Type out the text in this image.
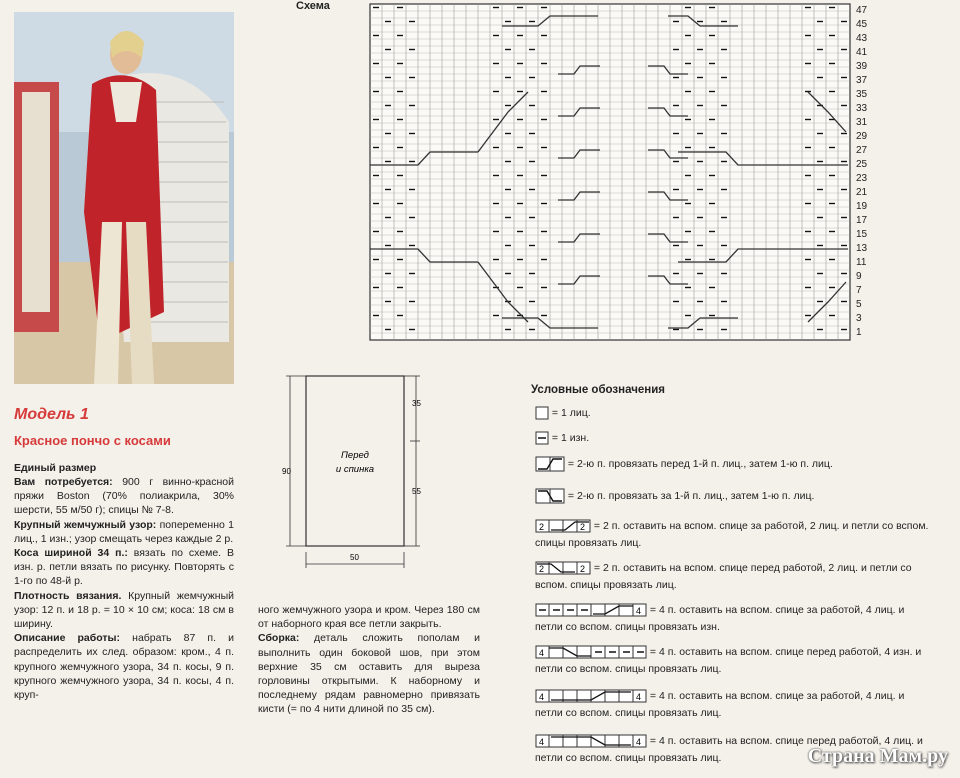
Модель 1
Красное пончо с косами
Единый размер

Вам потребуется: 900 г винно-красной пряжи Boston (70% полиакрила, 30% шерсти, 55 м/50 г); спицы № 7-8.

Крупный жемчужный узор: попеременно 1 лиц., 1 изн.; узор смещать через каждые 2 р.

Коса шириной 34 п.: вязать по схеме. В изн. р. петли вязать по рисунку. Повторять с 1-го по 48-й р.

Плотность вязания. Крупный жемчужный узор: 12 п. и 18 р. = 10 × 10 см; коса: 18 см в ширину.

Описание работы: набрать 87 п. и распределить их след. образом: кром., 4 п. крупного жемчужного узора, 34 п. косы, 9 п. крупного жемчужного узора, 34 п. косы, 4 п. круп-

ного жемчужного узора и кром. Через 180 см от наборного края все петли закрыть.

Сборка: деталь сложить пополам и выполнить один боковой шов, при этом верхние 35 см оставить для выреза горловины открытыми. К наборному и последнему рядам равномерно привязать кисти (= по 4 нити длиной по 35 см).

Схема	47
45
43
41
39
37
35
33
31
29
27
25
23
21
19
17
15
13
11
9
7
5
3
1
Перед
и спинка
90
35
55
50
Условные обозначения
= 1 лиц.
= 1 изн.
= 2-ю п. провязать перед 1-й п. лиц., затем 1-ю п. лиц.
= 2-ю п. провязать за 1-й п. лиц., затем 1-ю п. лиц.
2	2 = 2 п. оставить на вспом. спице за работой, 2 лиц. и петли со вспом. спицы провязать лиц.
2	2 = 2 п. оставить на вспом. спице перед работой, 2 лиц. и петли со вспом. спицы провязать лиц.
4 = 4 п. оставить на вспом. спице за работой, 4 лиц. и петли со вспом. спицы провязать изн.
4	= 4 п. оставить на вспом. спице перед работой, 4 изн. и петли со вспом. спицы провязать лиц.
4	4 = 4 п. оставить на вспом. спице за работой, 4 лиц. и петли со вспом. спицы провязать лиц.
4	4 = 4 п. оставить на вспом. спице перед работой, 4 лиц. и петли со вспом. спицы провязать лиц.	Страна Мам.ру
